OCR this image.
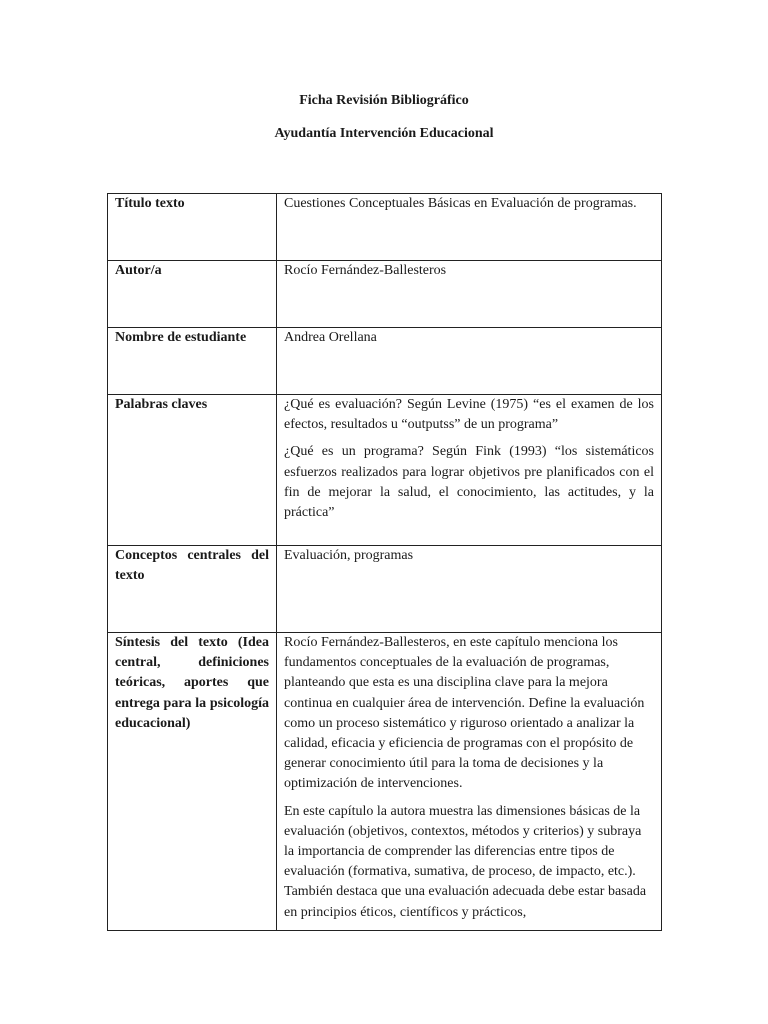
Ficha Revisión Bibliográfico
Ayudantía Intervención Educacional
Título texto	Cuestiones Conceptuales Básicas en Evaluación de programas.
Autor/a	Rocío Fernández-Ballesteros
Nombre de estudiante	Andrea Orellana
Palabras claves	¿Qué es evaluación? Según Levine (1975) “es el examen de los efectos, resultados u “outputss” de un programa”

¿Qué es un programa? Según Fink (1993) “los sistemáticos esfuerzos realizados para lograr objetivos pre planificados con el fin de mejorar la salud, el conocimiento, las actitudes, y la práctica”

Conceptos centrales del texto	Evaluación, programas
Síntesis del texto (Idea central, definiciones teóricas, aportes que entrega para la psicología educacional)	Rocío Fernández-Ballesteros, en este capítulo menciona los fundamentos conceptuales de la evaluación de programas, planteando que esta es una disciplina clave para la mejora continua en cualquier área de intervención. Define la evaluación como un proceso sistemático y riguroso orientado a analizar la calidad, eficacia y eficiencia de programas con el propósito de generar conocimiento útil para la toma de decisiones y la optimización de intervenciones.

En este capítulo la autora muestra las dimensiones básicas de la evaluación (objetivos, contextos, métodos y criterios) y subraya la importancia de comprender las diferencias entre tipos de evaluación (formativa, sumativa, de proceso, de impacto, etc.). También destaca que una evaluación adecuada debe estar basada en principios éticos, científicos y prácticos,
